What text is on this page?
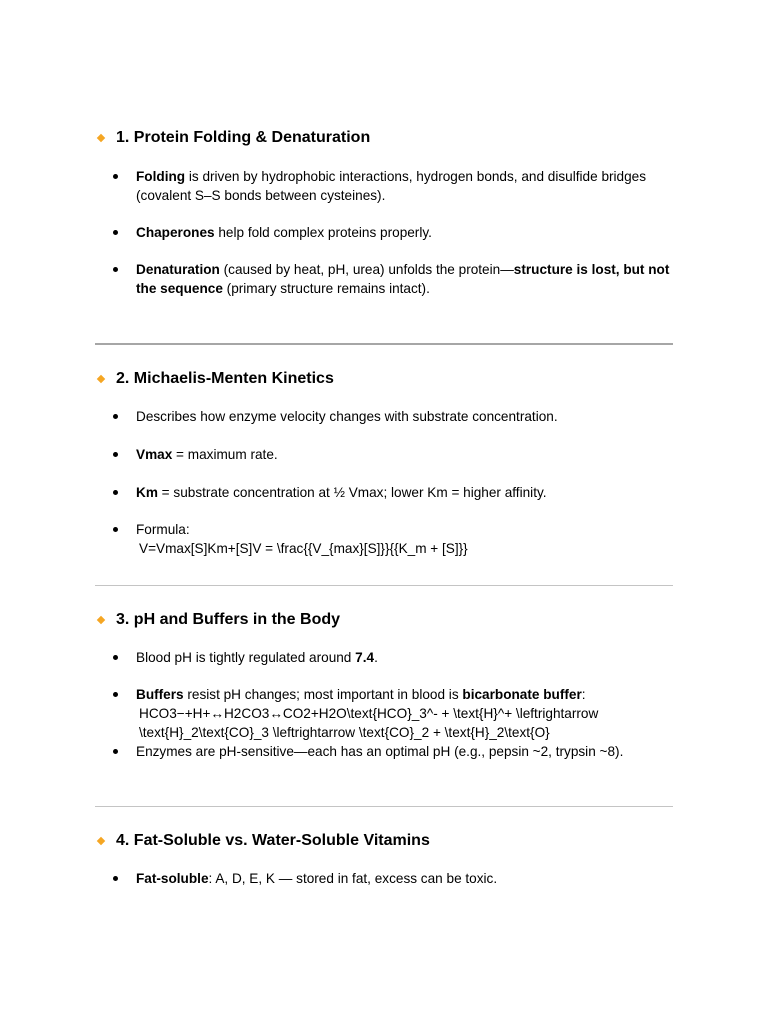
1. Protein Folding & Denaturation
Folding is driven by hydrophobic interactions, hydrogen bonds, and disulfide bridges (covalent S–S bonds between cysteines).
Chaperones help fold complex proteins properly.
Denaturation (caused by heat, pH, urea) unfolds the protein—structure is lost, but not the sequence (primary structure remains intact).
2. Michaelis-Menten Kinetics
Describes how enzyme velocity changes with substrate concentration.
Vmax = maximum rate.
Km = substrate concentration at ½ Vmax; lower Km = higher affinity.
Formula:
V=Vmax[S]Km+[S]V = \frac{{V_{max}[S]}}{{K_m + [S]}}
3. pH and Buffers in the Body
Blood pH is tightly regulated around 7.4.
Buffers resist pH changes; most important in blood is bicarbonate buffer:
HCO3−+H+↔H2CO3↔CO2+H2O\text{HCO}_3^- + \text{H}^+ \leftrightarrow \text{H}_2\text{CO}_3 \leftrightarrow \text{CO}_2 + \text{H}_2\text{O}
Enzymes are pH-sensitive—each has an optimal pH (e.g., pepsin ~2, trypsin ~8).
4. Fat-Soluble vs. Water-Soluble Vitamins
Fat-soluble: A, D, E, K — stored in fat, excess can be toxic.
